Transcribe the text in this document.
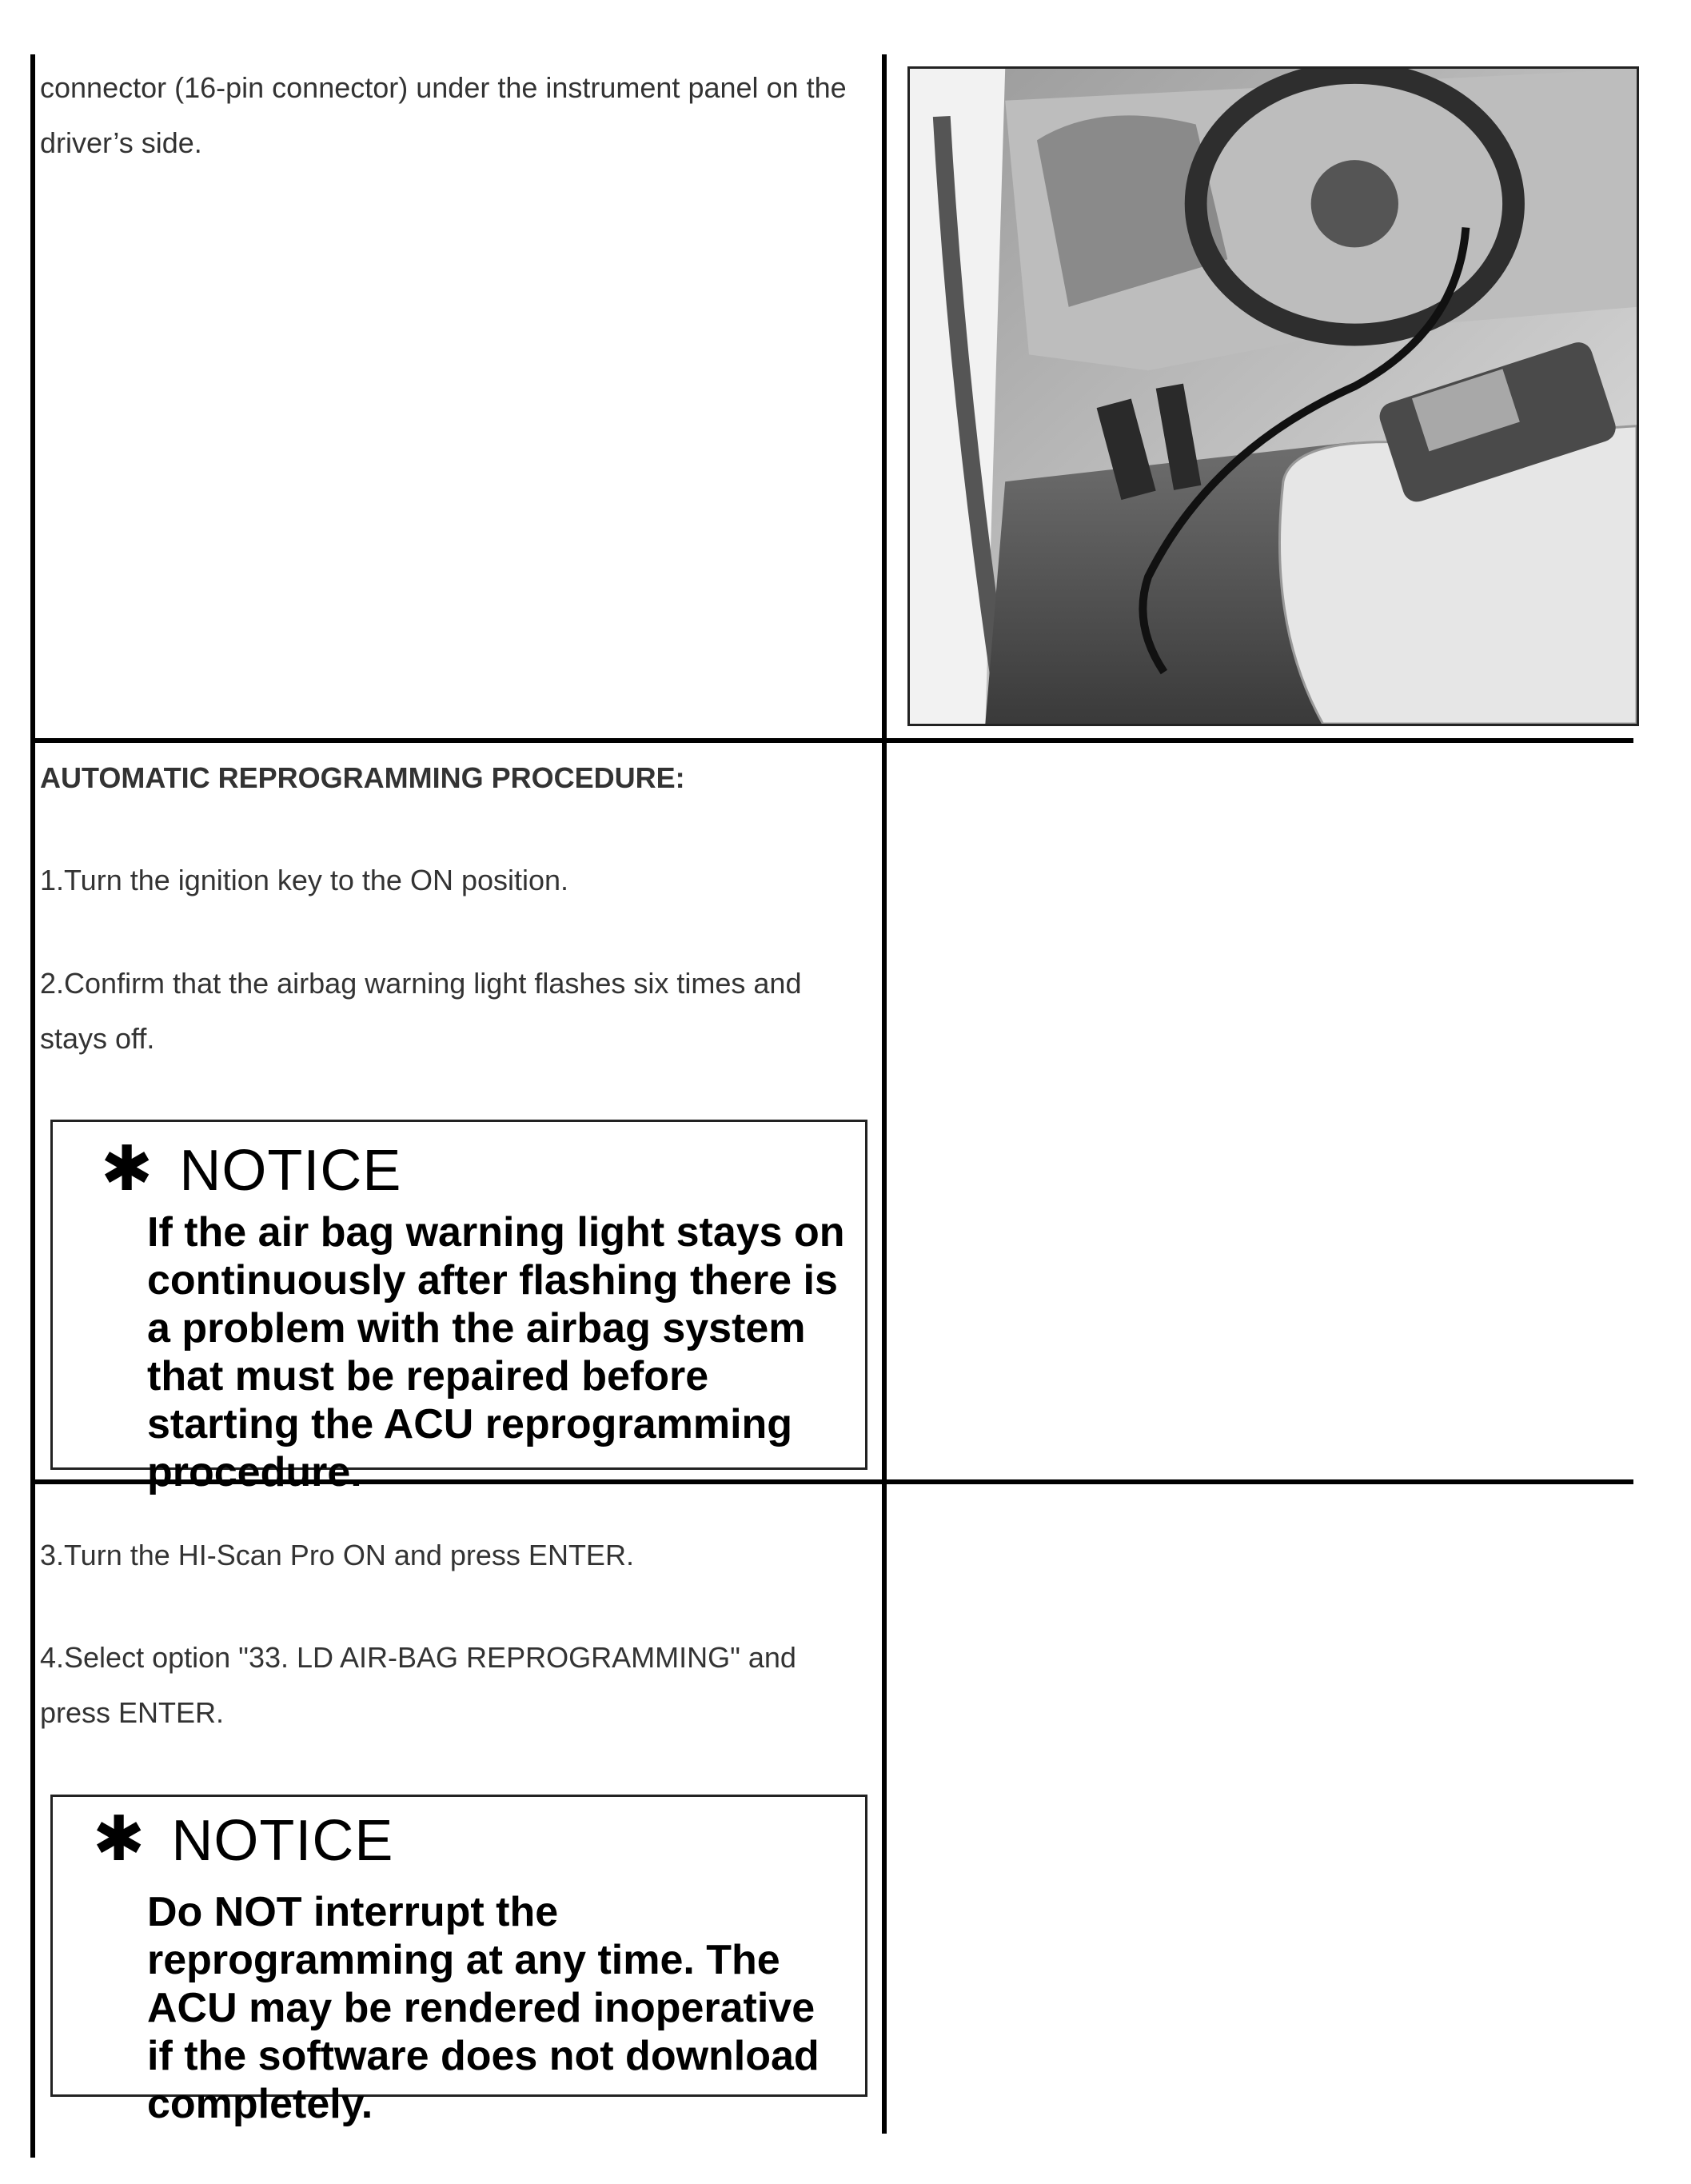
connector (16-pin connector) under the instrument panel on the driver’s side.
AUTOMATIC REPROGRAMMING PROCEDURE:
1.Turn the ignition key to the ON position.
2.Confirm that the airbag warning light flashes six times and stays off.
✱ NOTICE
If the air bag warning light stays on continuously after flashing there is a problem with the airbag system that must be repaired before starting the ACU reprogramming procedure.
3.Turn the HI-Scan Pro ON and press ENTER.
4.Select option "33. LD AIR-BAG REPROGRAMMING" and press ENTER.
✱ NOTICE
Do NOT interrupt the reprogramming at any time. The ACU may be rendered inoperative if the software does not download completely.
